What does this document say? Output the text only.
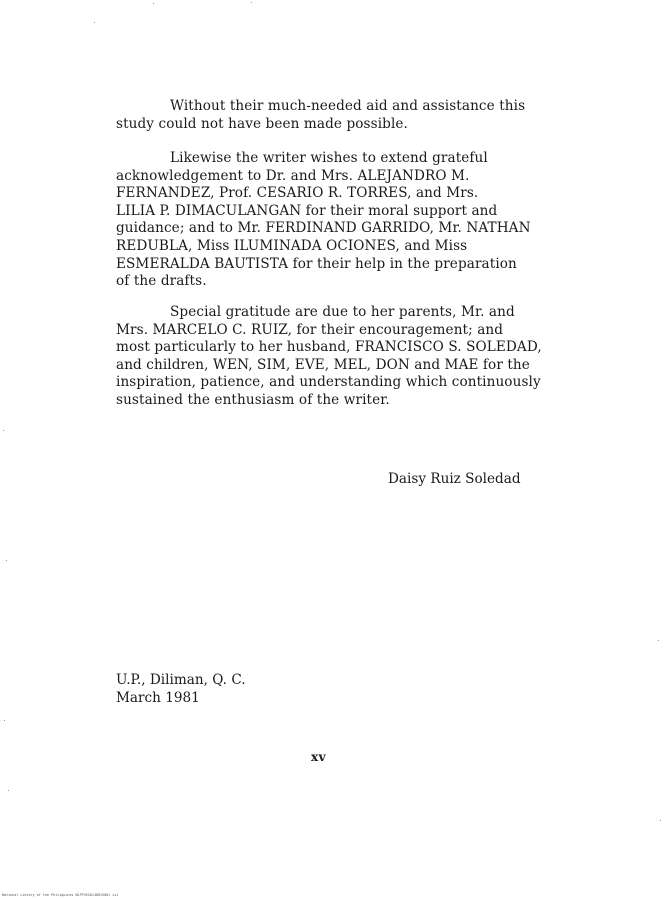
Without their much-needed aid and assistance this
study could not have been made possible.
Likewise the writer wishes to extend grateful
acknowledgement to Dr. and Mrs. ALEJANDRO M.
FERNANDEZ, Prof. CESARIO R. TORRES, and Mrs.
LILIA P. DIMACULANGAN for their moral support and
guidance; and to Mr. FERDINAND GARRIDO, Mr. NATHAN
REDUBLA, Miss ILUMINADA OCIONES, and Miss
ESMERALDA BAUTISTA for their help in the preparation
of the drafts.
Special gratitude are due to her parents, Mr. and
Mrs. MARCELO C. RUIZ, for their encouragement; and
most particularly to her husband, FRANCISCO S. SOLEDAD,
and children, WEN, SIM, EVE, MEL, DON and MAE for the
inspiration, patience, and understanding which continuously
sustained the enthusiasm of the writer.
Daisy Ruiz Soledad
U.P., Diliman, Q. C.
March 1981
xv
National Library of the Philippines NLPTHS20140815001 iii
